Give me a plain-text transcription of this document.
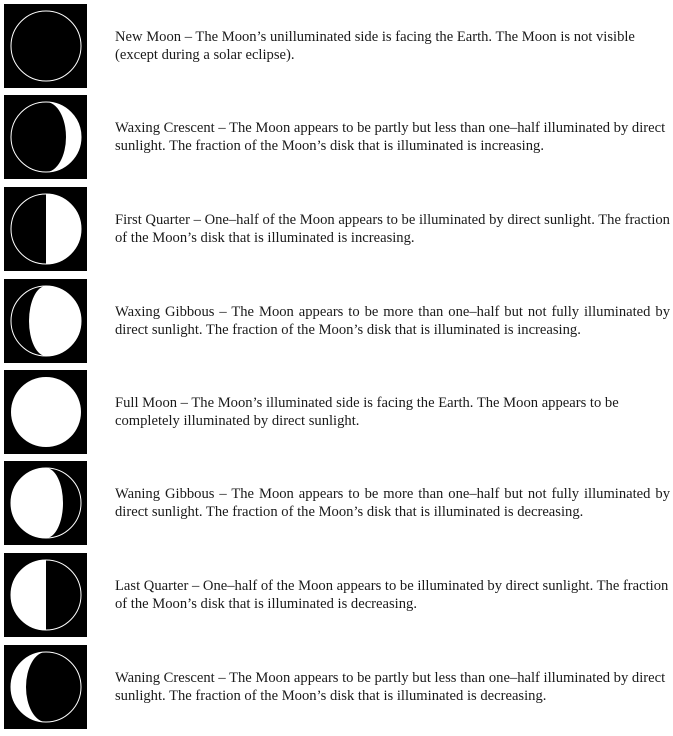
New Moon – The Moon’s unilluminated side is facing the Earth. The Moon is not visible (except during a solar eclipse).

Waxing Crescent – The Moon appears to be partly but less than one–half illuminated by direct sunlight. The fraction of the Moon’s disk that is illuminated is increasing.

First Quarter – One–half of the Moon appears to be illuminated by direct sunlight. The fraction of the Moon’s disk that is illuminated is increasing.

Waxing Gibbous – The Moon appears to be more than one–half but not fully illuminated by direct sunlight. The fraction of the Moon’s disk that is illuminated is increasing.

Full Moon – The Moon’s illuminated side is facing the Earth. The Moon appears to be completely illuminated by direct sunlight.

Waning Gibbous – The Moon appears to be more than one–half but not fully illuminated by direct sunlight. The fraction of the Moon’s disk that is illuminated is decreasing.

Last Quarter – One–half of the Moon appears to be illuminated by direct sunlight. The fraction of the Moon’s disk that is illuminated is decreasing.

Waning Crescent – The Moon appears to be partly but less than one–half illuminated by direct sunlight. The fraction of the Moon’s disk that is illuminated is decreasing.
